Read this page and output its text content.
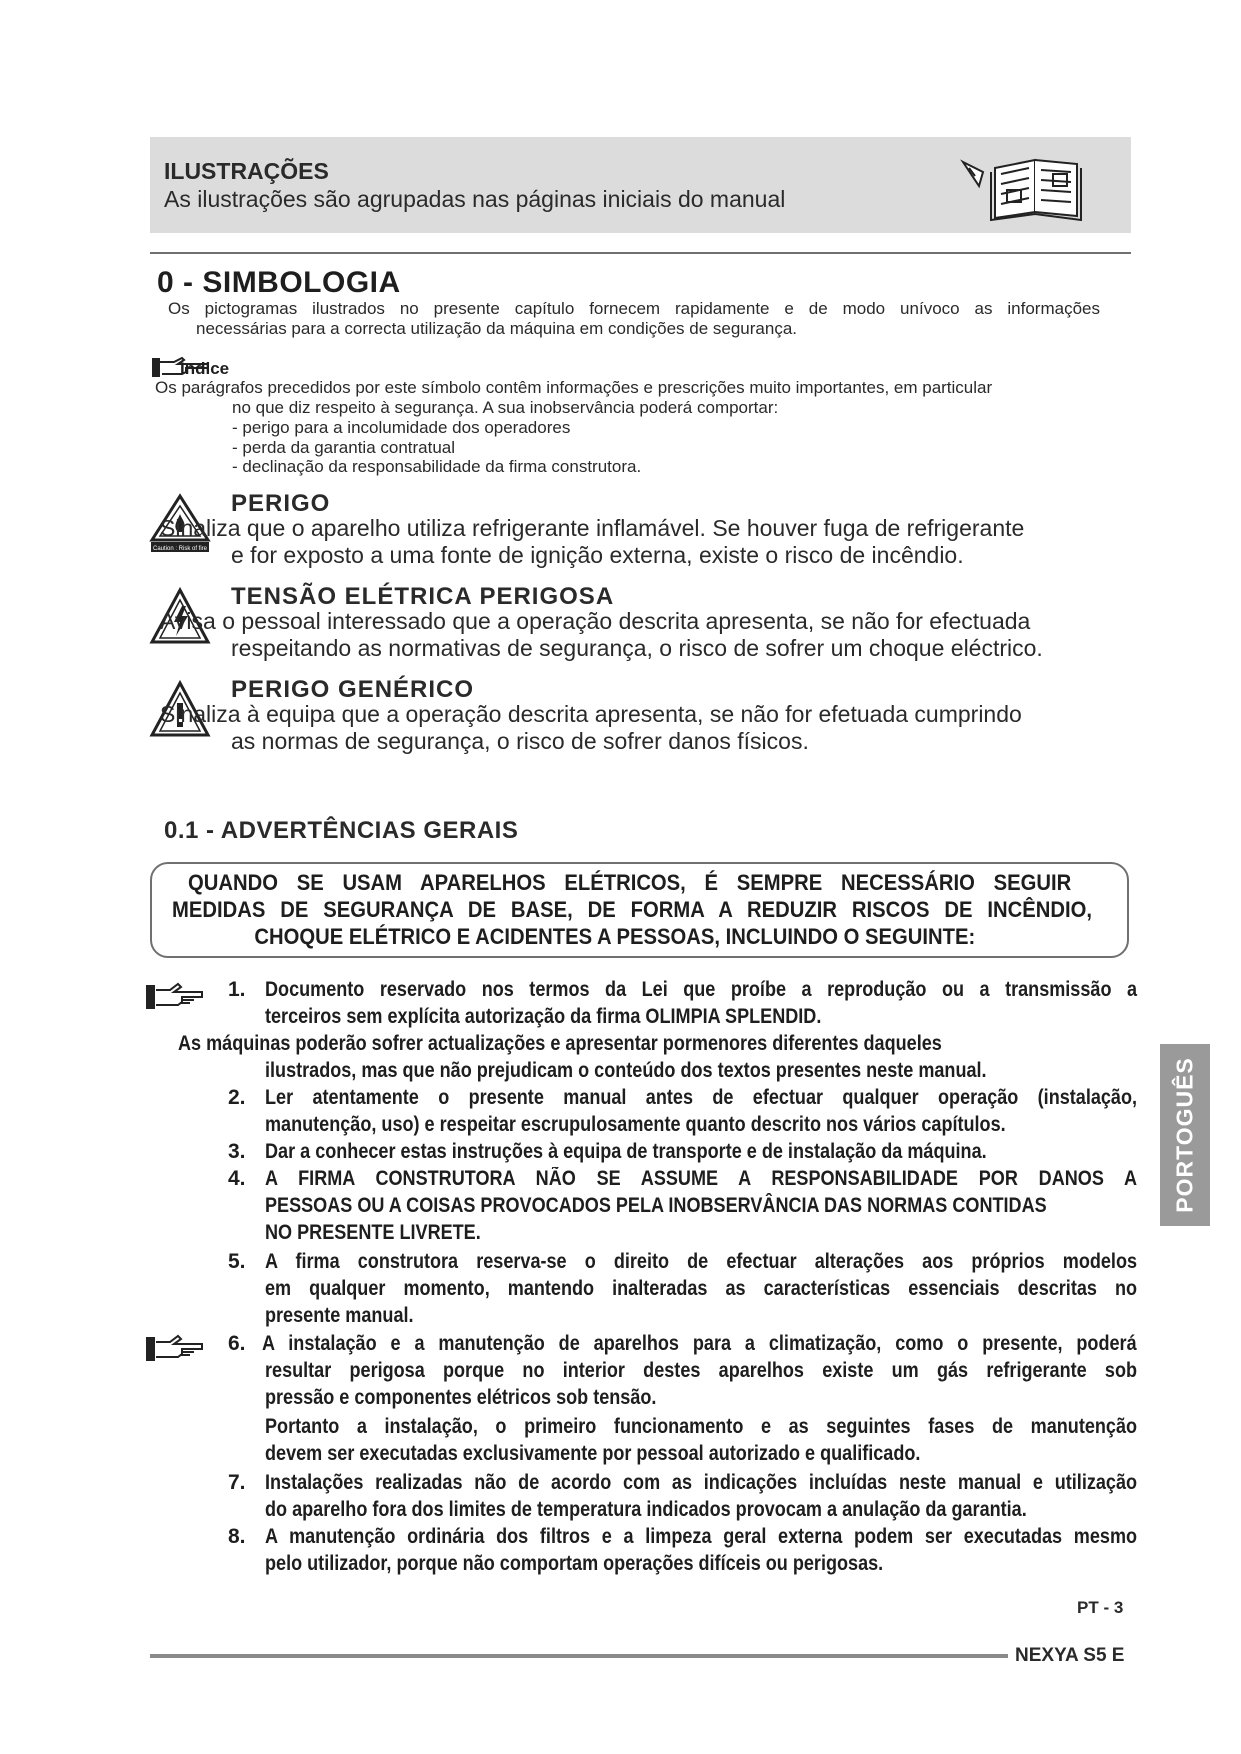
ILUSTRAÇÕES
As ilustrações são agrupadas nas páginas iniciais do manual
0 - SIMBOLOGIA
Os pictogramas ilustrados no presente capítulo fornecem rapidamente e de modo unívoco as informações
necessárias para a correcta utilização da máquina em condições de segurança.
Índice
Os parágrafos precedidos por este símbolo contêm informações e prescrições muito importantes, em particular
no que diz respeito à segurança. A sua inobservância poderá comportar:
- perigo para a incolumidade dos operadores
- perda da garantia contratual
- declinação da responsabilidade da firma construtora.
Caution : Risk of fire
PERIGO
Sinaliza que o aparelho utiliza refrigerante inflamável. Se houver fuga de refrigerante
e for exposto a uma fonte de ignição externa, existe o risco de incêndio.
TENSÃO ELÉTRICA PERIGOSA
Avisa o pessoal interessado que a operação descrita apresenta, se não for efectuada
respeitando as normativas de segurança, o risco de sofrer um choque eléctrico.
PERIGO GENÉRICO
Sinaliza à equipa que a operação descrita apresenta, se não for efetuada cumprindo
as normas de segurança, o risco de sofrer danos físicos.
0.1 - ADVERTÊNCIAS GERAIS
QUANDO SE USAM APARELHOS ELÉTRICOS, É SEMPRE NECESSÁRIO SEGUIR
MEDIDAS DE SEGURANÇA DE BASE, DE FORMA A REDUZIR RISCOS DE INCÊNDIO,
CHOQUE ELÉTRICO E ACIDENTES A PESSOAS, INCLUINDO O SEGUINTE:
1. Documento reservado nos termos da Lei que proíbe a reprodução ou a transmissão a
terceiros sem explícita autorização da firma OLIMPIA SPLENDID.
As máquinas poderão sofrer actualizações e apresentar pormenores diferentes daqueles
ilustrados, mas que não prejudicam o conteúdo dos textos presentes neste manual.
2. Ler atentamente o presente manual antes de efectuar qualquer operação (instalação,
manutenção, uso) e respeitar escrupulosamente quanto descrito nos vários capítulos.
3. Dar a conhecer estas instruções à equipa de transporte e de instalação da máquina.
4. A FIRMA CONSTRUTORA NÃO SE ASSUME A RESPONSABILIDADE POR DANOS A
PESSOAS OU A COISAS PROVOCADOS PELA INOBSERVÂNCIA DAS NORMAS CONTIDAS
NO PRESENTE LIVRETE.
5. A firma construtora reserva-se o direito de efectuar alterações aos próprios modelos
em qualquer momento, mantendo inalteradas as características essenciais descritas no
presente manual.
6. A instalação e a manutenção de aparelhos para a climatização, como o presente, poderá
resultar perigosa porque no interior destes aparelhos existe um gás refrigerante sob
pressão e componentes elétricos sob tensão.
Portanto a instalação, o primeiro funcionamento e as seguintes fases de manutenção
devem ser executadas exclusivamente por pessoal autorizado e qualificado.
7. Instalações realizadas não de acordo com as indicações incluídas neste manual e utilização
do aparelho fora dos limites de temperatura indicados provocam a anulação da garantia.
8. A manutenção ordinária dos filtros e a limpeza geral externa podem ser executadas mesmo
pelo utilizador, porque não comportam operações difíceis ou perigosas.
PT - 3
NEXYA S5 E
PORTOGUÊS
